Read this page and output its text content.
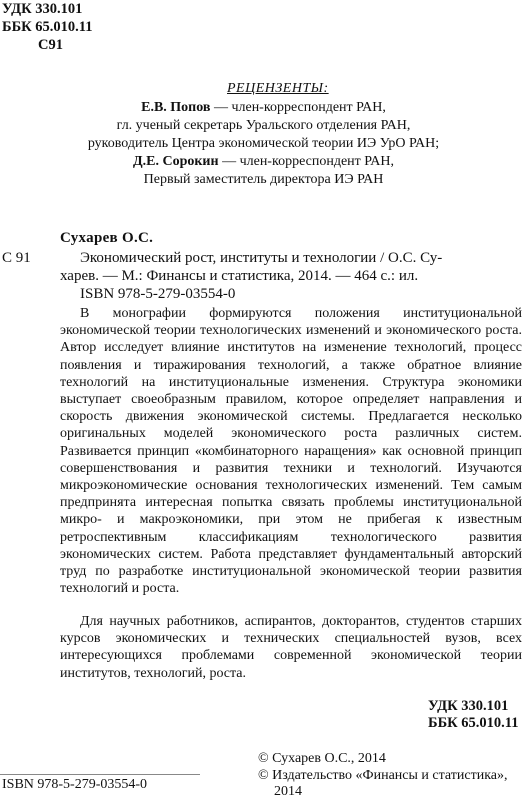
УДК 330.101
ББК 65.010.11
С91
РЕЦЕНЗЕНТЫ:
Е.В. Попов — член-корреспондент РАН,
гл. ученый секретарь Уральского отделения РАН,
руководитель Центра экономической теории ИЭ УрО РАН;
Д.Е. Сорокин — член-корреспондент РАН,
Первый заместитель директора ИЭ РАН
Сухарев О.С.
С 91	Экономический рост, институты и технологии / О.С. Су-
харев. — М.: Финансы и статистика, 2014. — 464 с.: ил.
ISBN 978-5-279-03554-0

В монографии формируются положения институциональной экономической теории технологических изменений и экономического роста. Автор исследует влияние институтов на изменение технологий, процесс появления и тиражирования технологий, а также обратное влияние технологий на институциональные изменения. Структура экономики выступает своеобразным правилом, которое определяет направления и скорость движения экономической системы. Предлагается несколько оригинальных моделей экономического роста различных систем. Развивается принцип «комбинаторного наращения» как основной принцип совершенствования и развития техники и технологий. Изучаются микроэкономические основания технологических изменений. Тем самым предпринята интересная попытка связать проблемы институциональной микро- и макроэкономики, при этом не прибегая к известным ретроспективным классификациям технологического развития экономических систем. Работа представляет фундаментальный авторский труд по разработке институциональной экономической теории развития технологий и роста.

Для научных работников, аспирантов, докторантов, студентов старших курсов экономических и технических специальностей вузов, всех интересующихся проблемами современной экономической теории институтов, технологий, роста.

УДК 330.101
ББК 65.010.11
© Сухарев О.С., 2014
© Издательство «Финансы и статистика»,
2014
ISBN 978-5-279-03554-0
